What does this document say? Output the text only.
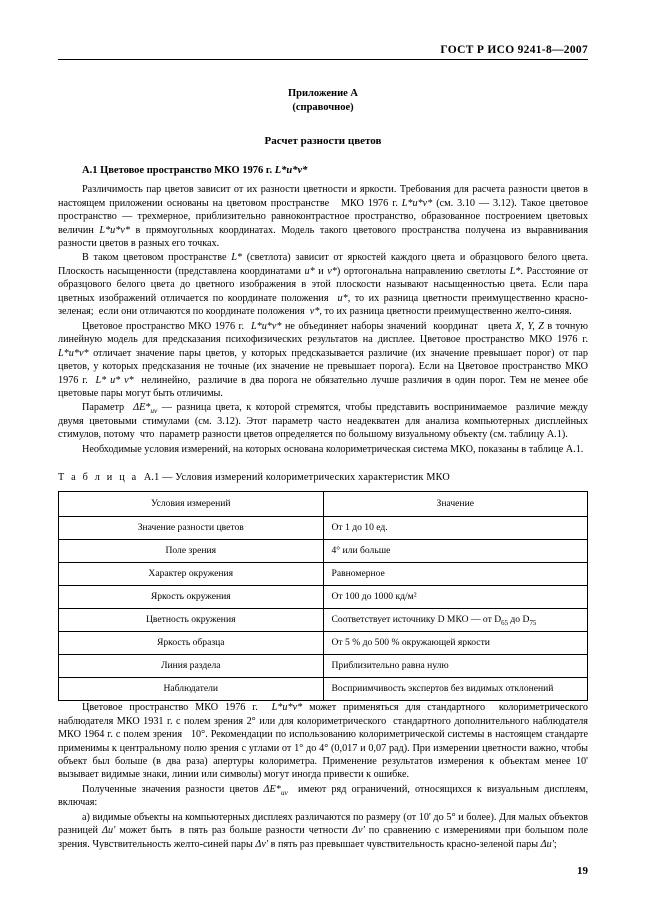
ГОСТ Р ИСО 9241-8—2007
Приложение А
(справочное)
Расчет разности цветов
А.1 Цветовое пространство МКО 1976 г. L*u*v*

Различимость пар цветов зависит от их разности цветности и яркости. Требования для расчета разности цветов в настоящем приложении основаны на цветовом пространстве   МКО 1976 г. L*u*v* (см. 3.10 — 3.12). Такое цветовое пространство — трехмерное, приблизительно равноконтрастное пространство, образованное построением цветовых величин L*u*v* в прямоугольных координатах. Модель такого цветового пространства получена из выравнивания разности цветов в разных его точках.

В таком цветовом пространстве L* (светлота) зависит от яркостей каждого цвета и образцового белого цвета. Плоскость насыщенности (представлена координатами u* и v*) ортогональна направлению светлоты L*. Расстояние от образцового белого цвета до цветного изображения в этой плоскости называют насыщенностью цвета. Если пара цветных изображений отличается по координате положения  u*, то их разница цветности преимущественно красно-зеленая;  если они отличаются по координате положения  v*, то их разница цветности преимущественно желто-синяя.

Цветовое пространство МКО 1976 г.  L*u*v* не объединяет наборы значений  координат   цвета X, Y, Z в точную линейную модель для предсказания психофизических результатов на дисплее. Цветовое пространство МКО 1976 г. L*u*v* отличает значение пары цветов, у которых предсказывается различие (их значение превышает порог) от пар цветов, у которых предсказания не точные (их значение не превышает порога). Если на Цветовое пространство МКО 1976 г.  L* u* v*  нелинейно,  различие в два порога не обязательно лучше различия в один порог. Тем не менее обе цветовые пары могут быть отличимы.

Параметр  $\Delta E*_{uv}$ — разница цвета, к которой стремятся, чтобы представить воспринимаемое  различие между двумя цветовыми стимулами (см. 3.12). Этот параметр часто неадекватен для анализа компьютерных дисплейных стимулов, потому  что  параметр разности цветов определяется по большому визуальному объекту (см. таблицу А.1).

Необходимые условия измерений, на которых основана колориметрическая система МКО, показаны в таблице А.1.

Т а б л и ц а А.1 — Условия измерений колориметрических характеристик МКО
Условия измерений	Значение
Значение разности цветов	От 1 до 10 ед.
Поле зрения	4° или больше
Характер окружения	Равномерное
Яркость окружения	От 100 до 1000 кд/м²
Цветность окружения	Соответствует источнику D МКО — от $D_{65}$ до $D_{75}$
Яркость образца	От 5 % до 500 % окружающей яркости
Линия раздела	Приблизительно равна нулю
Наблюдатели	Восприимчивость экспертов без видимых отклонений

Цветовое пространство МКО 1976 г.  L*u*v* может применяться для стандартного  колориметрического наблюдателя МКО 1931 г. с полем зрения 2° или для колориметрического  стандартного дополнительного наблюдателя МКО 1964 г. с полем зрения   10°. Рекомендации по использованию колориметрической системы в настоящем стандарте применимы к центральному полю зрения с углами от 1° до 4° (0,017 и 0,07 рад). При измерении цветности важно, чтобы объект был больше (в два раза) апертуры колориметра. Применение результатов измерения к объектам менее 10' вызывает видимые знаки, линии или символы) могут иногда привести к ошибке.

Полученные значения разности цветов $\Delta E*_{uv}$  имеют ряд ограничений, относящихся к визуальным дисплеям, включая:

а) видимые объекты на компьютерных дисплеях различаются по размеру (от 10' до 5° и более). Для малых объектов разницей Δu' может быть  в пять раз больше разности четности Δv' по сравнению с измерениями при большом поле зрения. Чувствительность желто-синей пары Δv' в пять раз превышает чувствительность красно-зеленой пары Δu';

19
